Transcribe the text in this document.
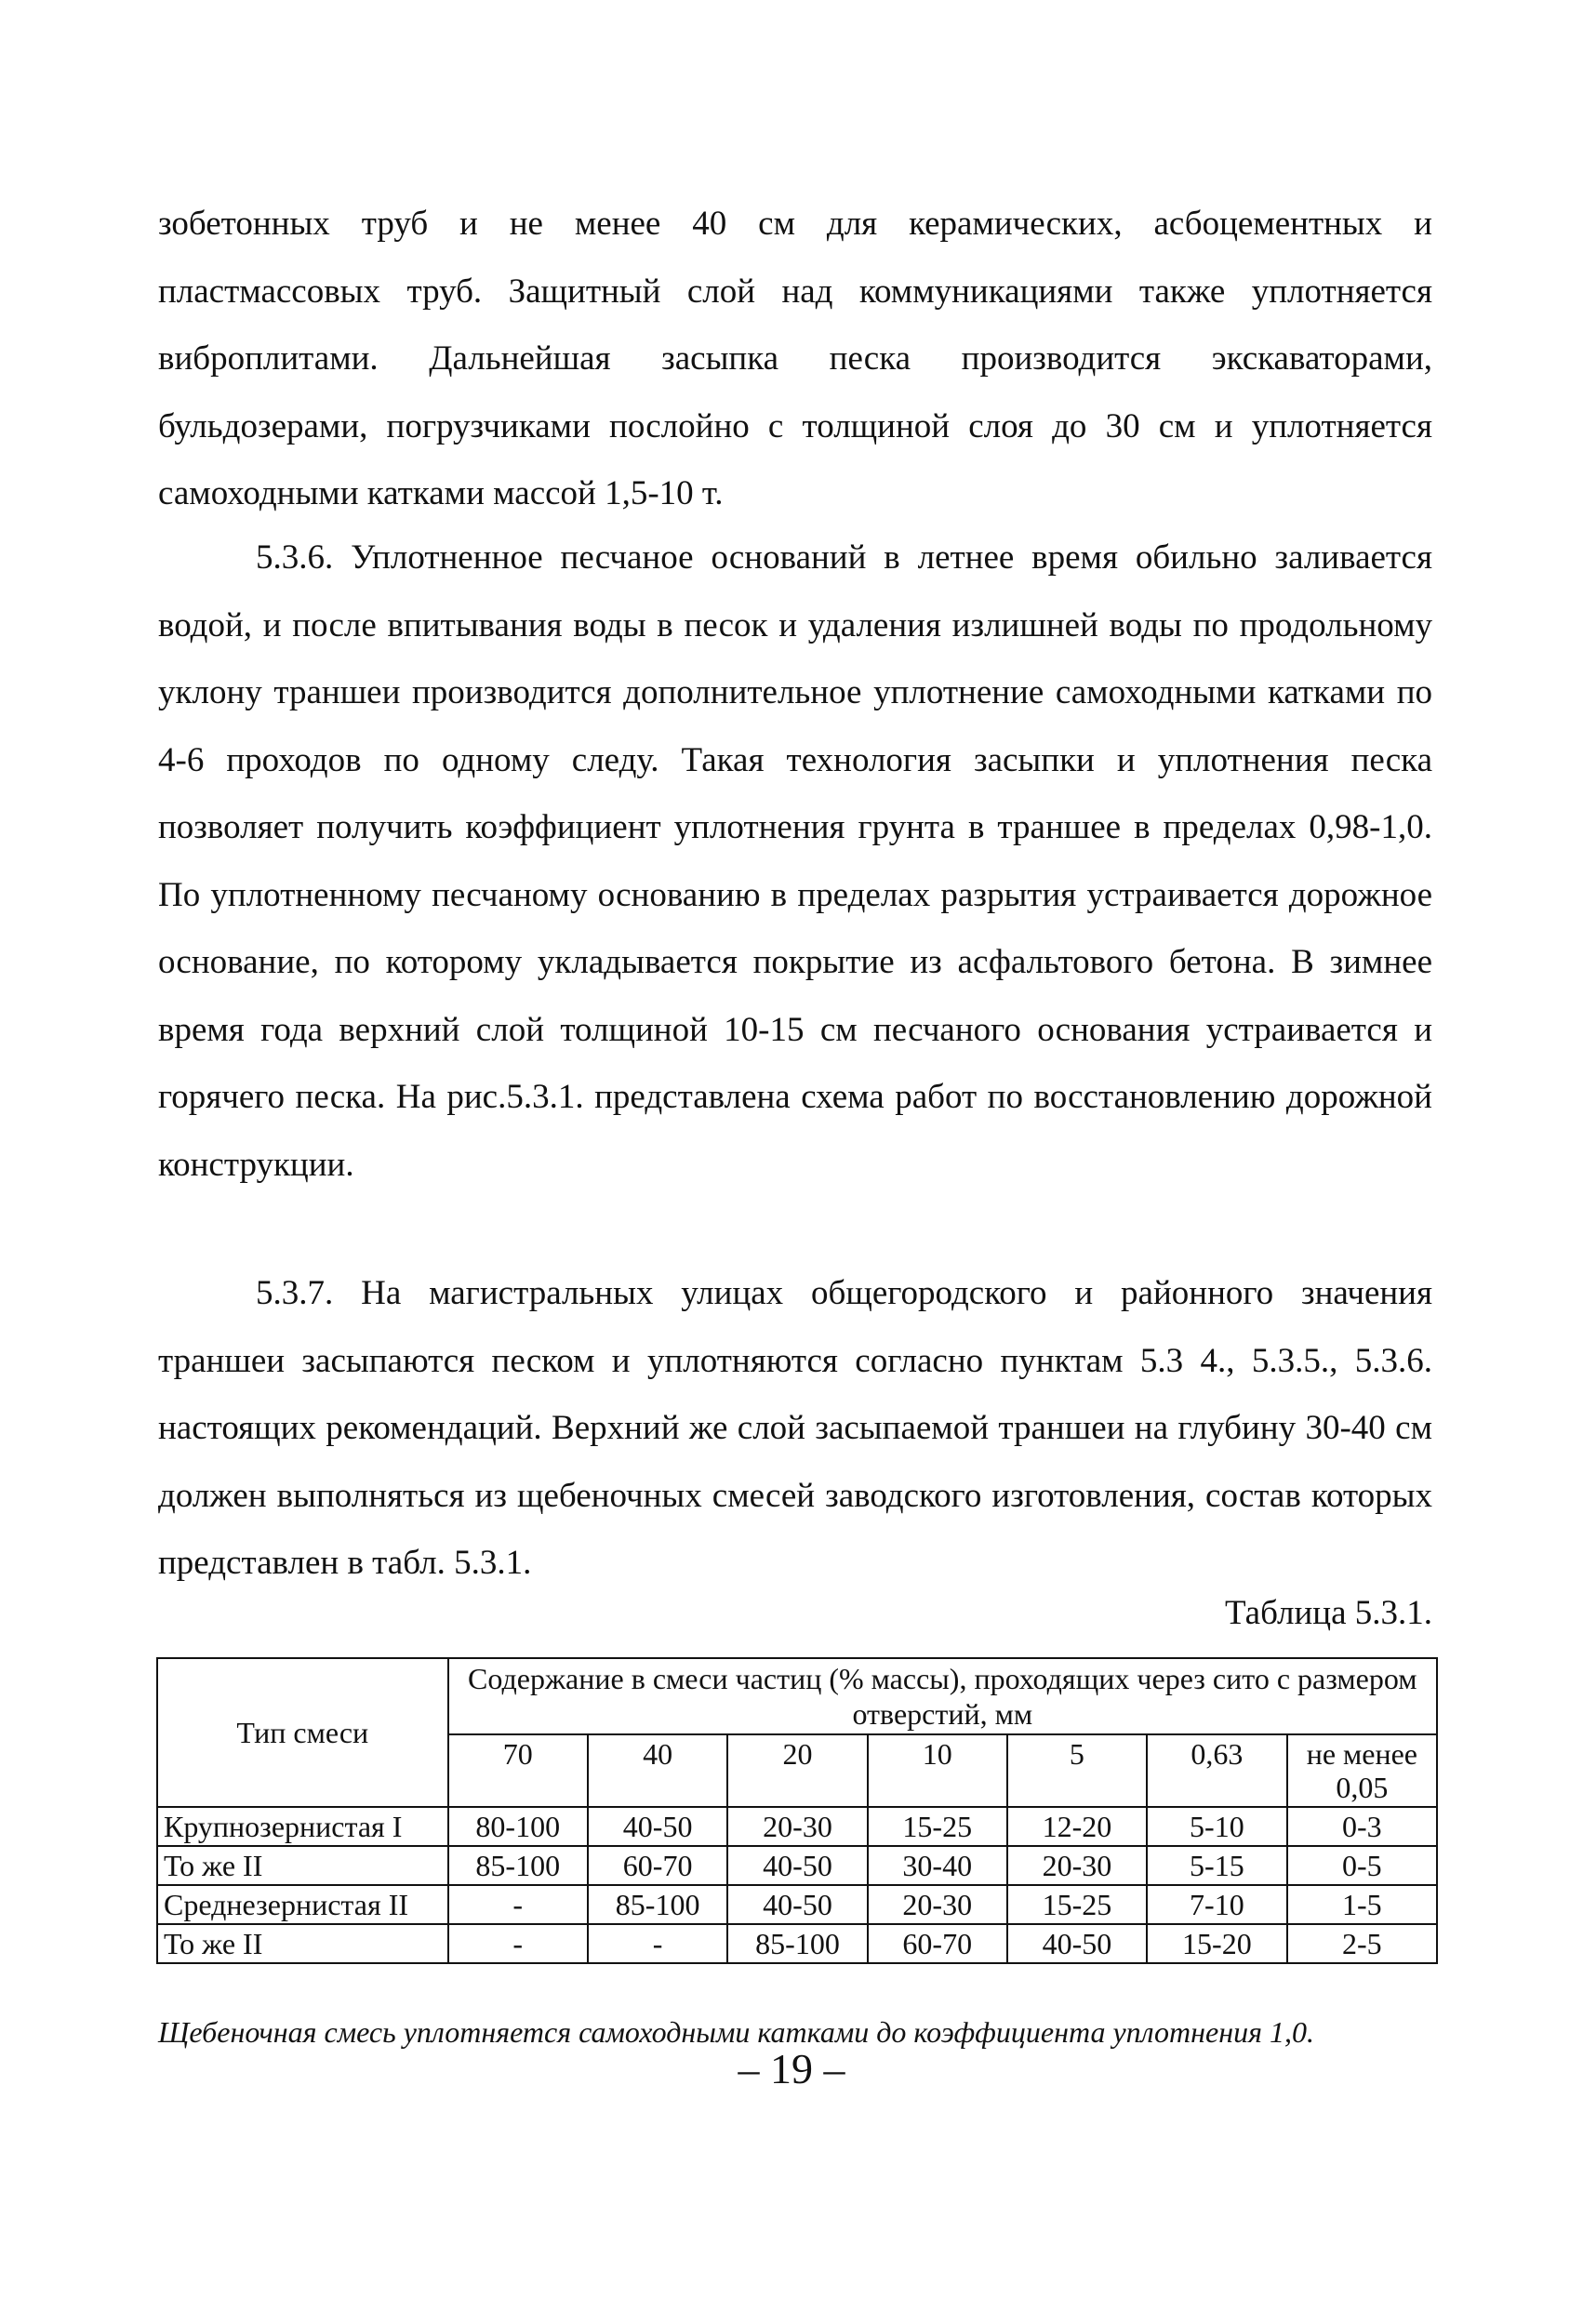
зобетонных труб и не менее 40 см для керамических, асбоцементных и пластмассовых труб. Защитный слой над коммуникациями также уплотняется виброплитами. Дальнейшая засыпка песка производится экскаваторами, бульдозерами, погрузчиками послойно с толщиной слоя до 30 см и уплотняется самоходными катками массой 1,5-10 т.

5.3.6. Уплотненное песчаное оснований в летнее время обильно заливается водой, и после впитывания воды в песок и удаления излишней воды по продольному уклону траншеи производится дополнительное уплотнение самоходными катками по 4-6 проходов по одному следу. Такая технология засыпки и уплотнения песка позволяет получить коэффициент уплотнения грунта в траншее в пределах 0,98-1,0. По уплотненному песчаному основанию в пределах разрытия устраивается дорожное основание, по которому укладывается покрытие из асфальтового бетона. В зимнее время года верхний слой толщиной 10-15 см песчаного основания устраивается и горячего песка. На рис.5.3.1. представлена схема работ по восстановлению дорожной конструкции.

5.3.7. На магистральных улицах общегородского и районного значения траншеи засыпаются песком и уплотняются согласно пунктам 5.3 4., 5.3.5., 5.3.6. настоящих рекомендаций. Верхний же слой засыпаемой траншеи на глубину 30-40 см должен выполняться из щебеночных смесей заводского изготовления, состав которых представлен в табл. 5.3.1.

Таблица 5.3.1.
Тип смеси	Содержание в смеси частиц (% массы), проходящих через сито с размером отверстий, мм						
	70	40	20	10	5	0,63	не менее 0,05
Крупнозернистая I	80-100	40-50	20-30	15-25	12-20	5-10	0-3
То же II	85-100	60-70	40-50	30-40	20-30	5-15	0-5
Среднезернистая II	-	85-100	40-50	20-30	15-25	7-10	1-5
То же II	-	-	85-100	60-70	40-50	15-20	2-5
Щебеночная смесь уплотняется самоходными катками до коэффициента уплотнения 1,0.
– 19 –
